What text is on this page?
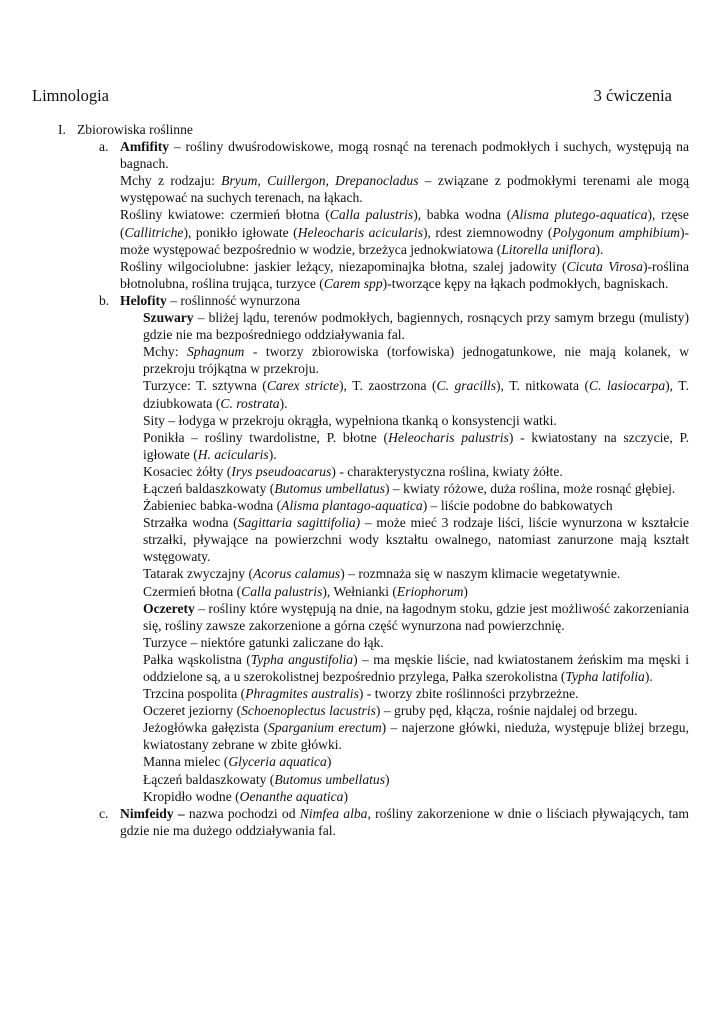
Limnologia	3 ćwiczenia
I. Zbiorowiska roślinne
a. Amfifity – rośliny dwuśrodowiskowe, mogą rosnąć na terenach podmokłych i suchych, występują na bagnach.
Mchy z rodzaju: Bryum, Cuillergon, Drepanocladus – związane z podmokłymi terenami ale mogą występować na suchych terenach, na łąkach.
Rośliny kwiatowe: czermień błotna (Calla palustris), babka wodna (Alisma plutego-aquatica), rzęse (Callitriche), ponikło igłowate (Heleocharis acicularis), rdest ziemnowodny (Polygonum amphibium)-może występować bezpośrednio w wodzie, brzeżyca jednokwiatowa (Litorella uniflora).
Rośliny wilgociolubne: jaskier leżący, niezapominajka błotna, szalej jadowity (Cicuta Virosa)-roślina błotnolubna, roślina trująca, turzyce (Carem spp)-tworzące kępy na łąkach podmokłych, bagniskach.
b. Helofity – roślinność wynurzona
Szuwary – bliżej lądu, terenów podmokłych, bagiennych, rosnących przy samym brzegu (mulisty) gdzie nie ma bezpośredniego oddziaływania fal.
Mchy: Sphagnum - tworzy zbiorowiska (torfowiska) jednogatunkowe, nie mają kolanek, w przekroju trójkątna w przekroju.
Turzyce: T. sztywna (Carex stricte), T. zaostrzona (C. gracills), T. nitkowata (C. lasiocarpa), T. dziubkowata (C. rostrata).
Sity – łodyga w przekroju okrągła, wypełniona tkanką o konsystencji watki.
Ponikła – rośliny twardolistne, P. błotne (Heleocharis palustris) - kwiatostany na szczycie, P. igłowate (H. acicularis).
Kosaciec żółty (Irys pseudoacarus) - charakterystyczna roślina, kwiaty żółte.
Łączeń baldaszkowaty (Butomus umbellatus) – kwiaty różowe, duża roślina, może rosnąć głębiej.
Żabieniec babka-wodna (Alisma plantago-aquatica) – liście podobne do babkowatych
Strzałka wodna (Sagittaria sagittifolia) – może mieć 3 rodzaje liści, liście wynurzona w kształcie strzałki, pływające na powierzchni wody kształtu owalnego, natomiast zanurzone mają kształt wstęgowaty.
Tatarak zwyczajny (Acorus calamus) – rozmnaża się w naszym klimacie wegetatywnie.
Czermień błotna (Calla palustris), Wełnianki (Eriophorum)
Oczerety – rośliny które występują na dnie, na łagodnym stoku, gdzie jest możliwość zakorzeniania się, rośliny zawsze zakorzenione a górna część wynurzona nad powierzchnię.
Turzyce – niektóre gatunki zaliczane do łąk.
Pałka wąskolistna (Typha angustifolia) – ma męskie liście, nad kwiatostanem żeńskim ma męski i oddzielone są, a u szerokolistnej bezpośrednio przylega, Pałka szerokolistna (Typha latifolia).
Trzcina pospolita (Phragmites australis) - tworzy zbite roślinności przybrzeżne.
Oczeret jeziorny (Schoenoplectus lacustris) – gruby pęd, kłącza, rośnie najdalej od brzegu.
Jeżogłówka gałęzista (Sparganium erectum) – najerzone główki, nieduża, występuje bliżej brzegu, kwiatostany zebrane w zbite główki.
Manna mielec (Glyceria aquatica)
Łączeń baldaszkowaty (Butomus umbellatus)
Kropidło wodne (Oenanthe aquatica)
c. Nimfeidy – nazwa pochodzi od Nimfea alba, rośliny zakorzenione w dnie o liściach pływających, tam gdzie nie ma dużego oddziaływania fal.
